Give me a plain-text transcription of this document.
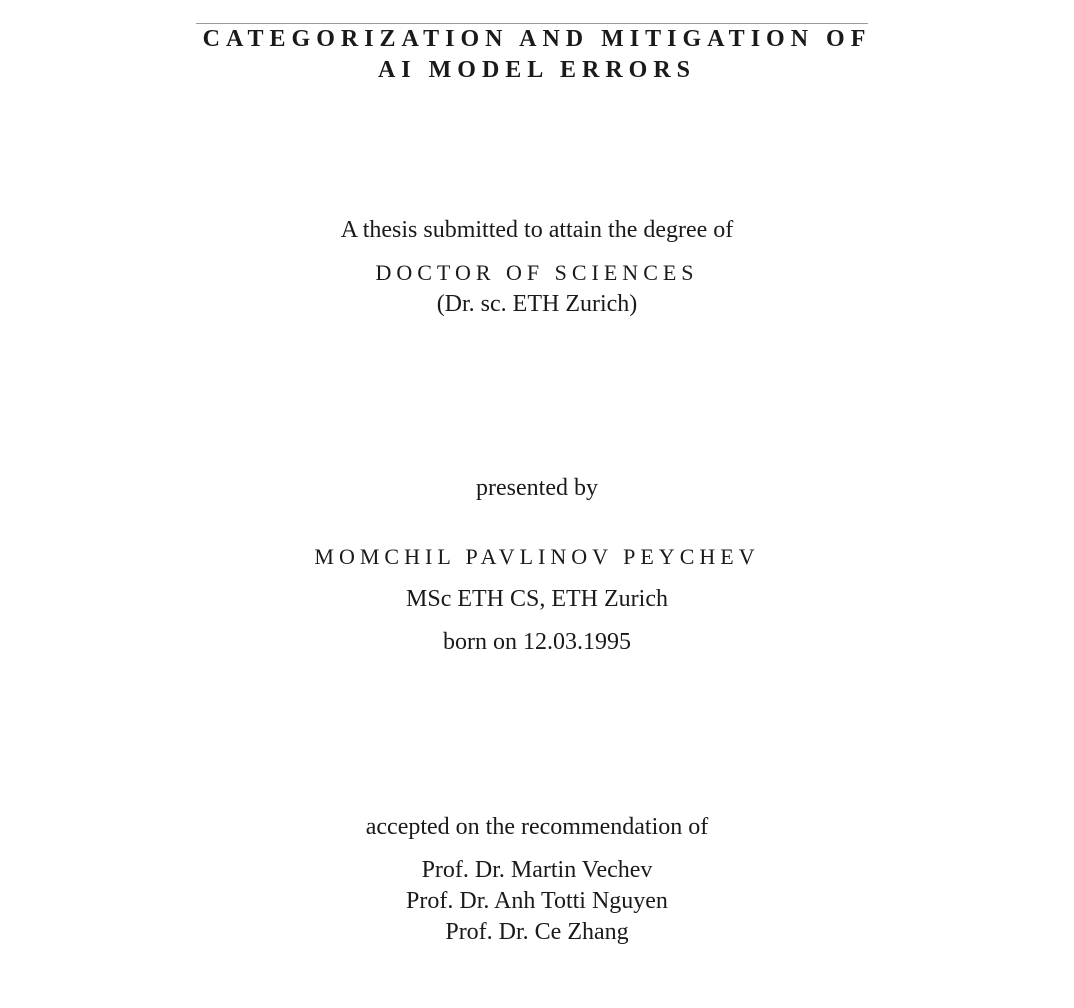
CATEGORIZATION AND MITIGATION OF
AI MODEL ERRORS
A thesis submitted to attain the degree of
DOCTOR OF SCIENCES
(Dr. sc. ETH Zurich)
presented by
MOMCHIL PAVLINOV PEYCHEV
MSc ETH CS, ETH Zurich
born on 12.03.1995
accepted on the recommendation of
Prof. Dr. Martin Vechev
Prof. Dr. Anh Totti Nguyen
Prof. Dr. Ce Zhang
